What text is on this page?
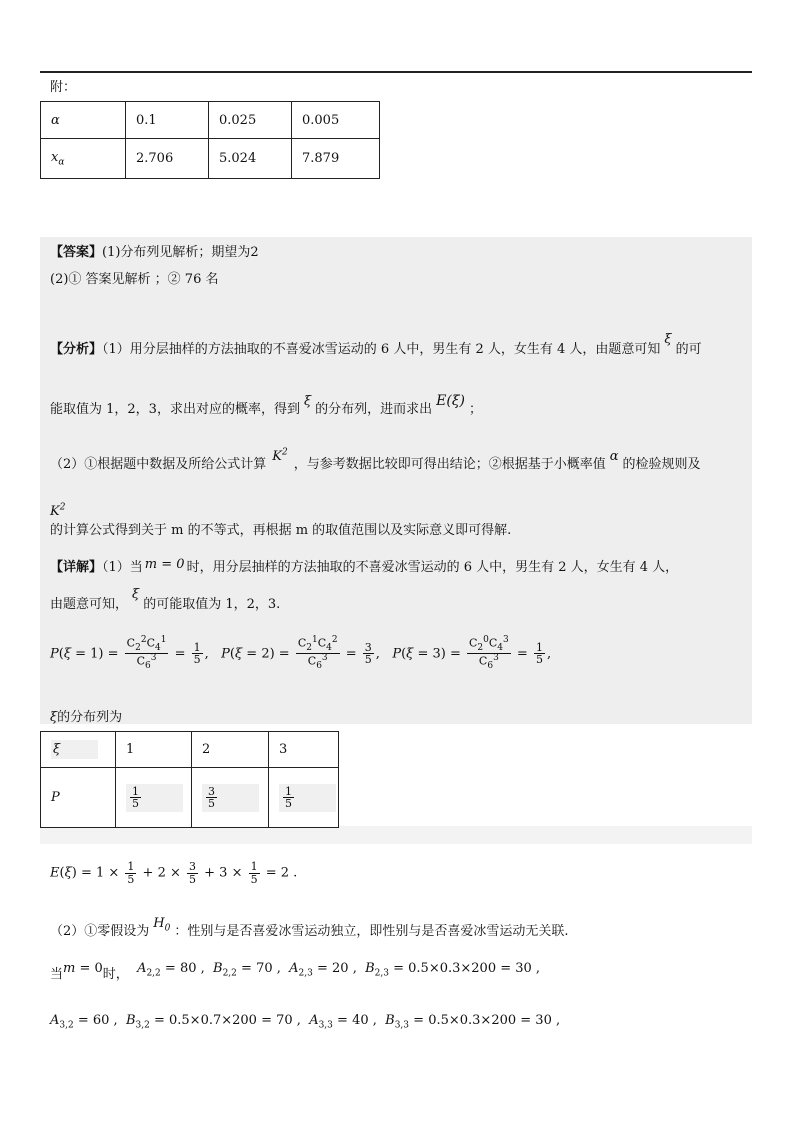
附：
α	0.1	0.025	0.005
$x_\alpha$	2.706	5.024	7.879
【答案】(1)分布列见解析；期望为2
(2)① 答案见解析 ；② 76 名
【分析】（1）用分层抽样的方法抽取的不喜爱冰雪运动的 6 人中，男生有 2 人，女生有 4 人，由题意可知ξ的可
能取值为 1，2，3，求出对应的概率，得到ξ的分布列，进而求出E(ξ)；
（2）①根据题中数据及所给公式计算$K^2$，与参考数据比较即可得出结论；②根据基于小概率值α的检验规则及
$K^2$
的计算公式得到关于 m 的不等式，再根据 m 的取值范围以及实际意义即可得解.
【详解】（1）当 m = 0 时，用分层抽样的方法抽取的不喜爱冰雪运动的 6 人中，男生有 2 人，女生有 4 人，
由题意可知，ξ的可能取值为 1，2，3.
$P(\xi = 1) = \frac{C_2^2C_4^1}{C_6^3} = \frac{1}{5}$ ,   $P(\xi = 2) = \frac{C_2^1C_4^2}{C_6^3} = \frac{3}{5}$ ,   $P(\xi = 3) = \frac{C_2^0C_4^3}{C_6^3} = \frac{1}{5}$ ,
ξ的分布列为
ξ	1	2	3
P	$\frac{1}{5}$	$\frac{3}{5}$	$\frac{1}{5}$
$E(\xi) = 1 \times \frac{1}{5} + 2 \times \frac{3}{5} + 3 \times \frac{1}{5} = 2$ .
（2）①零假设为$H_0$ ：性别与是否喜爱冰雪运动独立，即性别与是否喜爱冰雪运动无关联.
当m = 0时， $A_{2,2} = 80$ ,  $B_{2,2} = 70$ ,  $A_{2,3} = 20$ ,  $B_{2,3} = 0.5\times 0.3\times 200 = 30$ ,
$A_{3,2} = 60$ ,  $B_{3,2} = 0.5\times 0.7\times 200 = 70$ ,  $A_{3,3} = 40$ ,  $B_{3,3} = 0.5\times 0.3\times 200 = 30$ ,
